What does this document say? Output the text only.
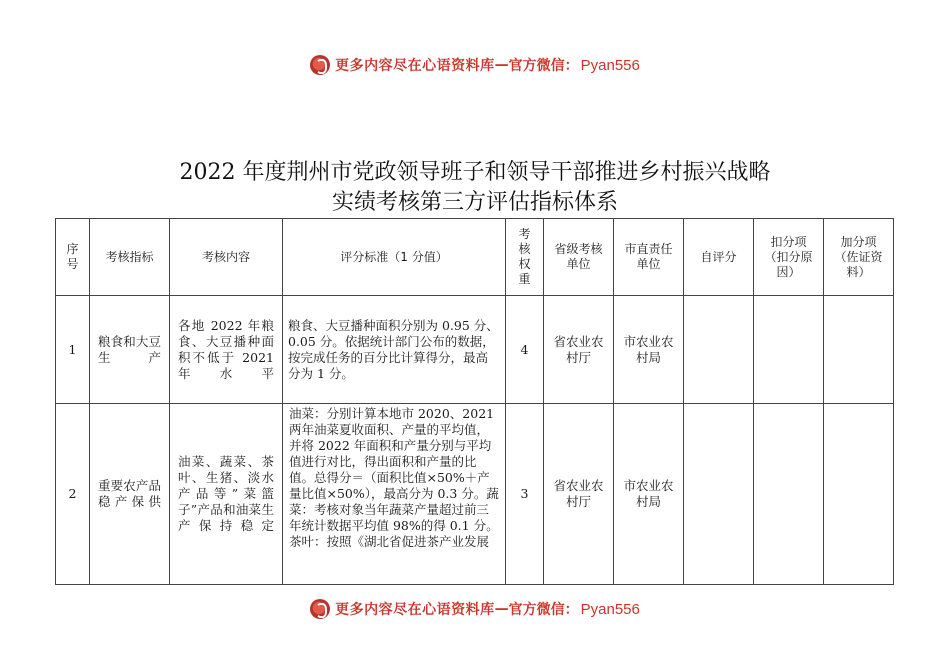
更多内容尽在心语资料库 — 官方微信： Pyan556
2022 年度荆州市党政领导班子和领导干部推进乡村振兴战略
实绩考核第三方评估指标体系
序号	考核指标	考核内容	评分标准（1 分值）	考核权重	省级考核单位	市直责任单位	自评分	扣分项（扣分原因）	加分项（佐证资料）

1	粮食和大豆生产	各地 2022 年粮食、大豆播种面积不低于 2021 年水平	粮食、大豆播种面积分别为 0.95 分、0.05 分。依据统计部门公布的数据，按完成任务的百分比计算得分，最高分为 1 分。	4	省农业农村厅	市农业农村局			

2	重要农产品稳产保供	油菜、蔬菜、茶叶、生猪、淡水产品等”菜篮子”产品和油菜生产保持稳定	油菜：分别计算本地市 2020、2021 两年油菜夏收面积、产量的平均值，并将 2022 年面积和产量分别与平均值进行对比，得出面积和产量的比值。总得分＝（面积比值×50%＋产量比值×50%），最高分为 0.3 分。蔬菜：考核对象当年蔬菜产量超过前三年统计数据平均值 98%的得 0.1 分。茶叶：按照《湖北省促进茶产业发展	3	省农业农村厅	市农业农村局			

更多内容尽在心语资料库 — 官方微信： Pyan556
